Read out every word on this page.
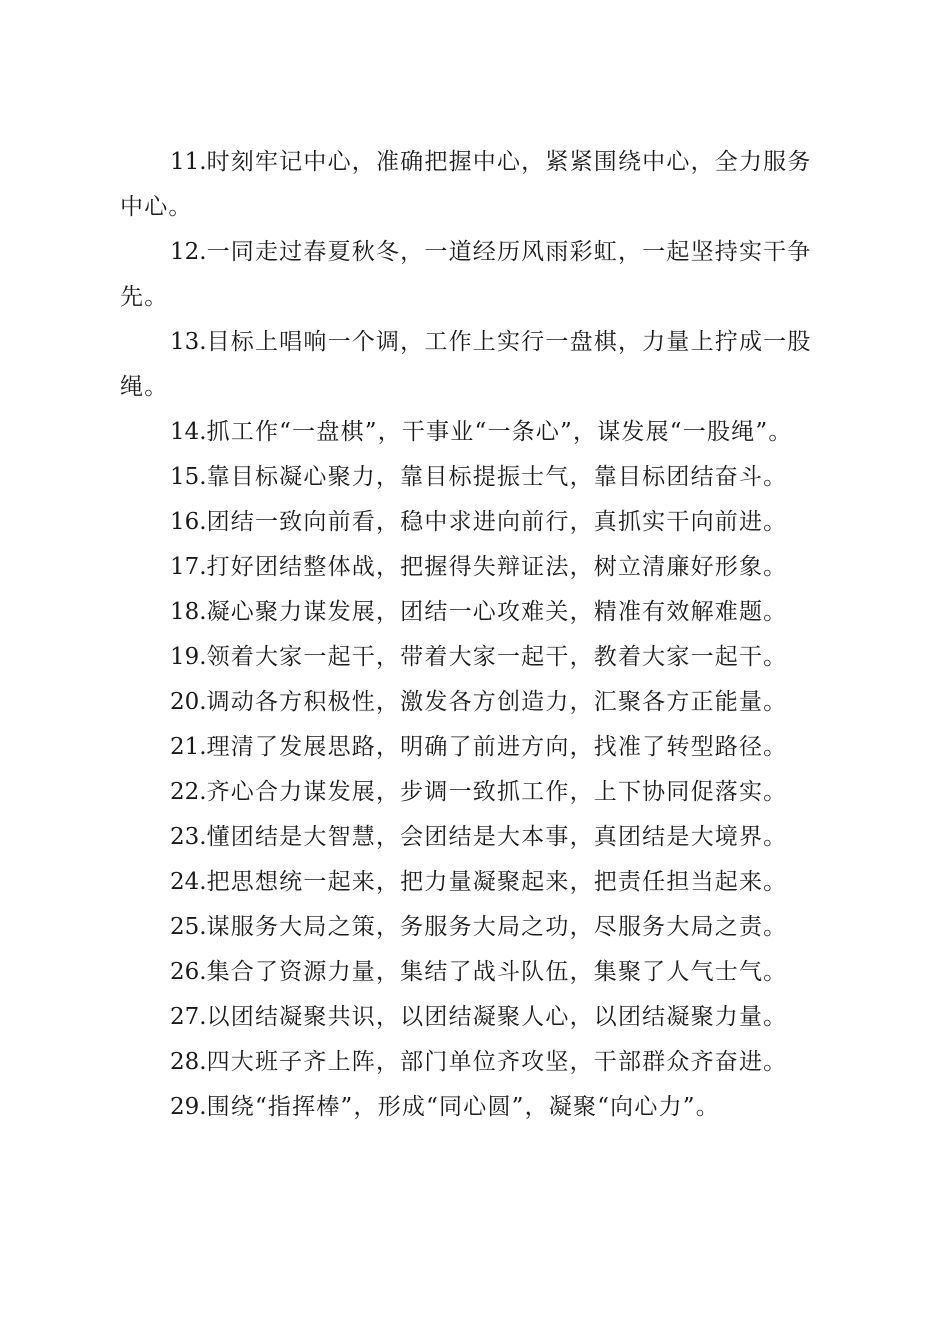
11.时刻牢记中心，准确把握中心，紧紧围绕中心，全力服务中心。

12.一同走过春夏秋冬，一道经历风雨彩虹，一起坚持实干争先。

13.目标上唱响一个调，工作上实行一盘棋，力量上拧成一股绳。

14.抓工作“一盘棋”，干事业“一条心”，谋发展“一股绳”。

15.靠目标凝心聚力，靠目标提振士气，靠目标团结奋斗。

16.团结一致向前看，稳中求进向前行，真抓实干向前进。

17.打好团结整体战，把握得失辩证法，树立清廉好形象。

18.凝心聚力谋发展，团结一心攻难关，精准有效解难题。

19.领着大家一起干，带着大家一起干，教着大家一起干。

20.调动各方积极性，激发各方创造力，汇聚各方正能量。

21.理清了发展思路，明确了前进方向，找准了转型路径。

22.齐心合力谋发展，步调一致抓工作，上下协同促落实。

23.懂团结是大智慧，会团结是大本事，真团结是大境界。

24.把思想统一起来，把力量凝聚起来，把责任担当起来。

25.谋服务大局之策，务服务大局之功，尽服务大局之责。

26.集合了资源力量，集结了战斗队伍，集聚了人气士气。

27.以团结凝聚共识，以团结凝聚人心，以团结凝聚力量。

28.四大班子齐上阵，部门单位齐攻坚，干部群众齐奋进。

29.围绕“指挥棒”，形成“同心圆”，凝聚“向心力”。
